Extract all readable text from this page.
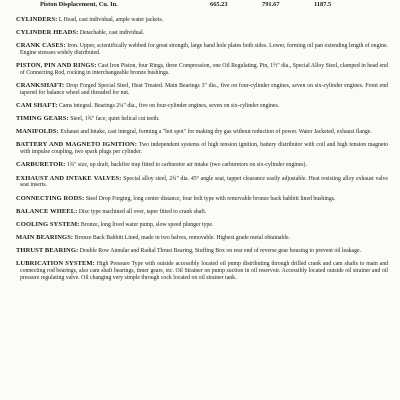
Piston Displacement, Cu. In.	665.23	791.67	1187.5

CYLINDERS: L Head, cast individual, ample water jackets.

CYLINDER HEADS: Detachable, cast individual.

CRANK CASES: Iron. Upper, scientifically webbed for great strength, large hand hole plates both sides. Lower, forming oil pan extending length of engine. Engine stresses widely distributed.

PISTON, PIN AND RINGS: Cast Iron Piston, four Rings, three Compression, one Oil Regulating. Pin, 1½" dia., Special Alloy Steel, clamped in head end of Connecting Rod, rocking in interchangeable bronze bushings.

CRANKSHAFT: Drop Forged Special Steel, Heat Treated. Main Bearings 3" dia., five on four-cylinder engines, seven on six-cylinder engines. Front end tapered for balance wheel and threaded for nut.

CAM SHAFT: Cams integral. Bearings 2¼" dia., five on four-cylinder engines, seven on six-cylinder engines.

TIMING GEARS: Steel, 1¾" face, quiet helical cut teeth.

MANIFOLDS: Exhaust and Intake, cast integral, forming a "hot spot" for making dry gas without reduction of power. Water Jacketed, exhaust flange.

BATTERY AND MAGNETO IGNITION: Two independent systems of high tension ignition, battery distributor with coil and high tension magneto with impulse coupling, two spark plugs per cylinder.

CARBURETOR: 1¾" size, up draft, backfire trap fitted to carburetor air intake (two carburetors on six-cylinder engines).

EXHAUST AND INTAKE VALVES: Special alloy steel, 2¾" dia. 45° angle seat, tappet clearance easily adjustable. Heat resisting alloy exhaust valve seat inserts.

CONNECTING RODS: Steel Drop Forging, long center distance, four bolt type with removable bronze back babbitt lined bushings.

BALANCE WHEEL: Disc type machined all over, taper fitted to crank shaft.

COOLING SYSTEM: Bronze, long lived water pump, slow speed plunger type.

MAIN BEARINGS: Bronze Back Babbitt Lined, made in two halves, removable. Highest grade metal obtainable.

THRUST BEARING: Double Row Annular and Radial Thrust Bearing, Stuffing Box on rear end of reverse gear housing to prevent oil leakage.

LUBRICATION SYSTEM: High Pressure Type with outside accessibly located oil pump distributing through drilled crank and cam shafts to main and connecting rod bearings, also cam shaft bearings, timer gears, etc. Oil Strainer on pump suction in oil reservoir. Accessibly located outside oil strainer and oil pressure regulating valve. Oil changing very simple through cock located on oil strainer tank.
